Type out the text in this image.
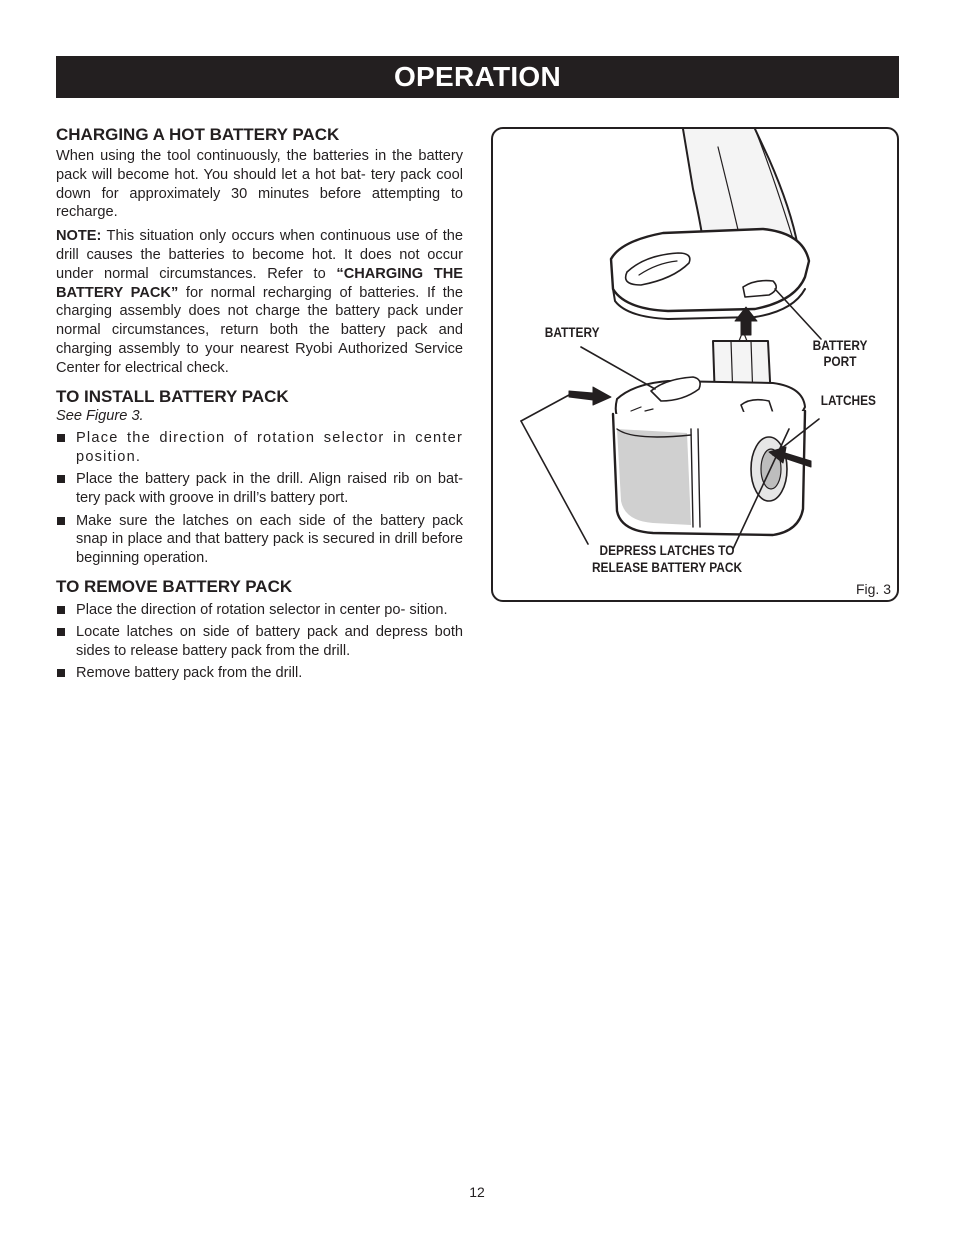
OPERATION
CHARGING A HOT BATTERY PACK

When using the tool continuously, the batteries in the battery pack will become hot. You should let a hot bat- tery pack cool down for approximately 30 minutes before attempting to recharge.

NOTE: This situation only occurs when continuous use of the drill causes the batteries to become hot. It does not occur under normal circumstances. Refer to “CHARGING THE BATTERY PACK” for normal recharging of batteries. If the charging assembly does not charge the battery pack under normal circumstances, return both the battery pack and charging assembly to your nearest Ryobi Authorized Service Center for electrical check.

TO INSTALL BATTERY PACK

See Figure 3.

Place the direction of rotation selector in center position.
Place the battery pack in the drill. Align raised rib on bat- tery pack with groove in drill’s battery port.
Make sure the latches on each side of the battery pack snap in place and that battery pack is secured in drill before beginning operation.
TO REMOVE BATTERY PACK
Place the direction of rotation selector in center po- sition.
Locate latches on side of battery pack and depress both sides to release battery pack from the drill.
Remove battery pack from the drill.
BATTERY
BATTERY
PORT
LATCHES
DEPRESS LATCHES TO
RELEASE BATTERY PACK
Fig. 3
12
